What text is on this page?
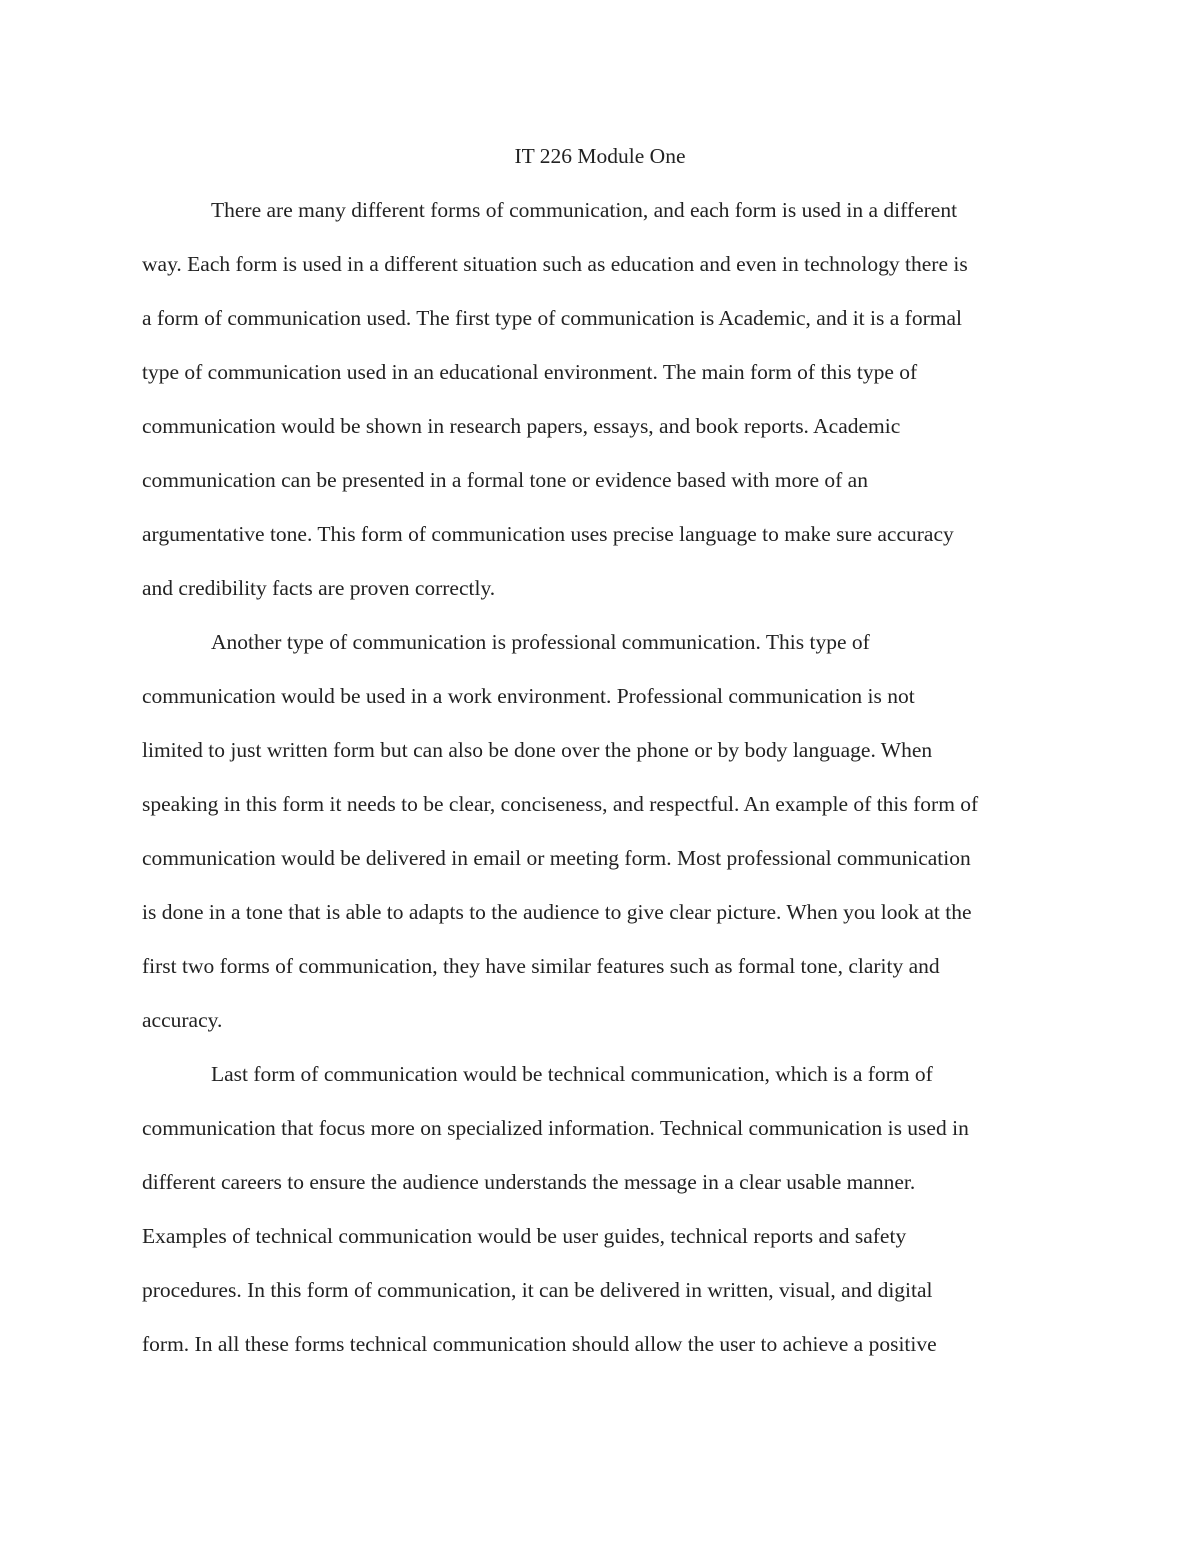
IT 226 Module One
There are many different forms of communication, and each form is used in a different
way. Each form is used in a different situation such as education and even in technology there is
a form of communication used. The first type of communication is Academic, and it is a formal
type of communication used in an educational environment. The main form of this type of
communication would be shown in research papers, essays, and book reports. Academic
communication can be presented in a formal tone or evidence based with more of an
argumentative tone. This form of communication uses precise language to make sure accuracy
and credibility facts are proven correctly.
Another type of communication is professional communication. This type of
communication would be used in a work environment. Professional communication is not
limited to just written form but can also be done over the phone or by body language. When
speaking in this form it needs to be clear, conciseness, and respectful. An example of this form of
communication would be delivered in email or meeting form. Most professional communication
is done in a tone that is able to adapts to the audience to give clear picture. When you look at the
first two forms of communication, they have similar features such as formal tone, clarity and
accuracy.
Last form of communication would be technical communication, which is a form of
communication that focus more on specialized information. Technical communication is used in
different careers to ensure the audience understands the message in a clear usable manner.
Examples of technical communication would be user guides, technical reports and safety
procedures. In this form of communication, it can be delivered in written, visual, and digital
form. In all these forms technical communication should allow the user to achieve a positive
